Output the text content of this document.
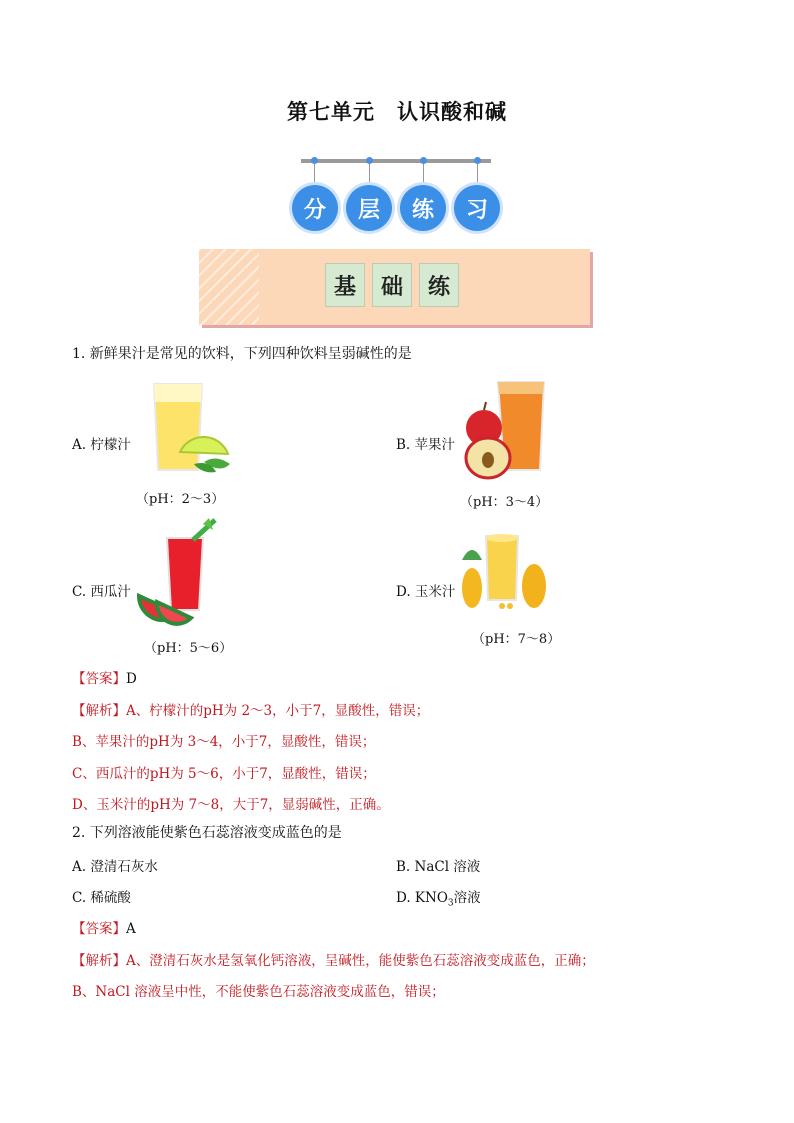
第七单元　认识酸和碱
分	层	练	习
基	础	练
1. 新鲜果汁是常见的饮料，下列四种饮料呈弱碱性的是
A. 柠檬汁
（pH：2～3）
B. 苹果汁
（pH：3～4）
C. 西瓜汁
（pH：5～6）
D. 玉米汁
（pH：7～8）
【答案】D
【解析】A、柠檬汁的pH为 2～3，小于7，显酸性，错误；
B、苹果汁的pH为 3～4，小于7，显酸性，错误；
C、西瓜汁的pH为 5～6，小于7，显酸性，错误；
D、玉米汁的pH为 7～8，大于7，显弱碱性，正确。
2. 下列溶液能使紫色石蕊溶液变成蓝色的是
A. 澄清石灰水	B. NaCl 溶液
C. 稀硫酸	D. $KNO_3$溶液
【答案】A
【解析】A、澄清石灰水是氢氧化钙溶液，呈碱性，能使紫色石蕊溶液变成蓝色，正确；
B、NaCl 溶液呈中性，不能使紫色石蕊溶液变成蓝色，错误；
